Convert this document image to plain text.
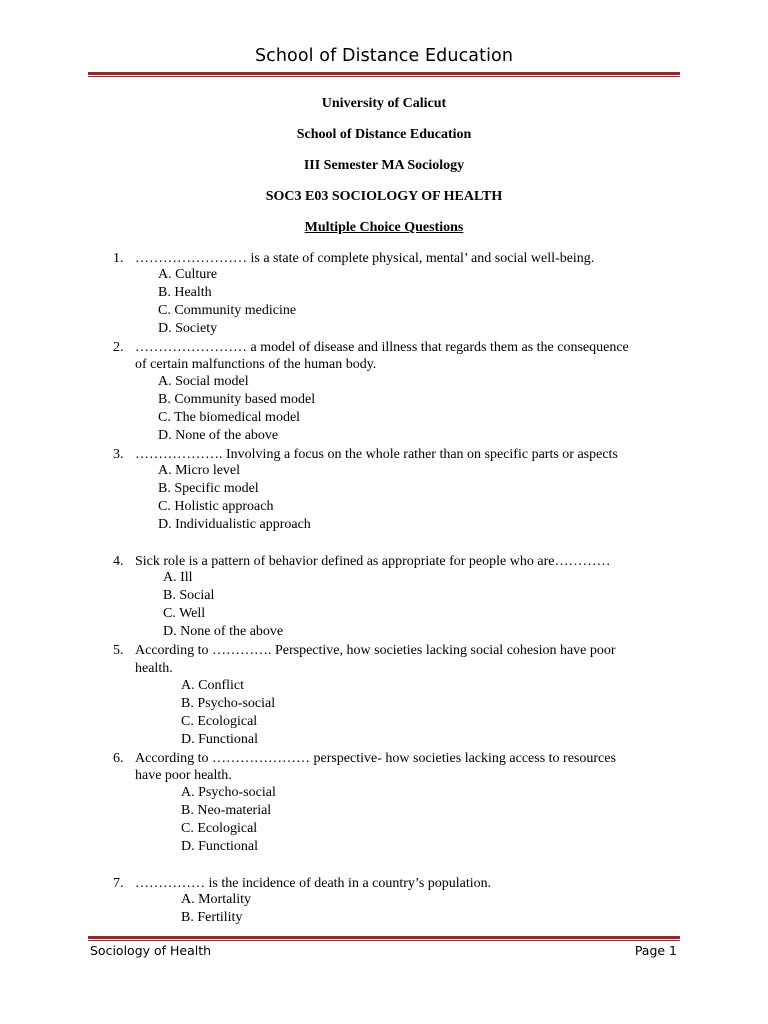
School of Distance Education
University of Calicut
School of Distance Education
III Semester MA Sociology
SOC3 E03 SOCIOLOGY OF HEALTH
Multiple Choice Questions
1. …………………… is a state of complete physical, mental’ and social well-being.
A. Culture
B. Health
C. Community medicine
D. Society
2. …………………… a model of disease and illness that regards them as the consequence
of certain malfunctions of the human body.
A. Social model
B. Community based model
C. The biomedical model
D. None of the above
3. ………………. Involving a focus on the whole rather than on specific parts or aspects
A. Micro level
B. Specific model
C. Holistic approach
D. Individualistic approach
4. Sick role is a pattern of behavior defined as appropriate for people who are…………
A. Ill
B. Social
C. Well
D. None of the above
5. According to …………. Perspective, how societies lacking social cohesion have poor
health.
A. Conflict
B. Psycho-social
C. Ecological
D. Functional
6. According to ………………… perspective- how societies lacking access to resources
have poor health.
A. Psycho-social
B. Neo-material
C. Ecological
D. Functional
7. …………… is the incidence of death in a country’s population.
A. Mortality
B. Fertility
Sociology of Health	Page 1
